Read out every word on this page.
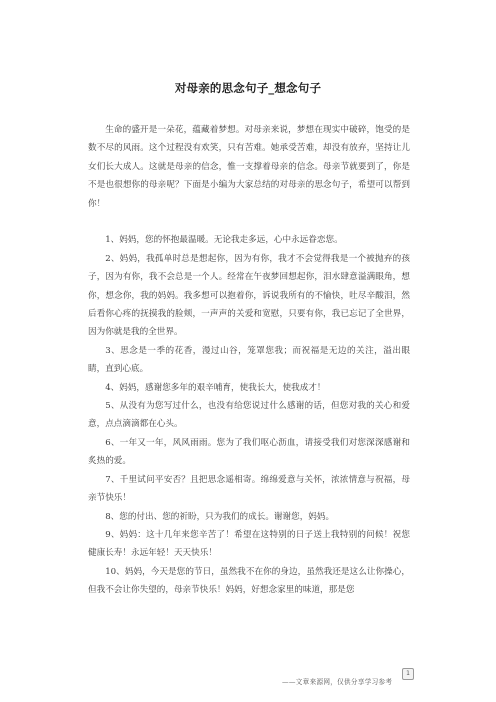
对母亲的思念句子_想念句子

生命的盛开是一朵花，蕴藏着梦想。对母亲来说，梦想在现实中破碎，饱受的是数不尽的风雨。这个过程没有欢笑，只有苦难。她承受苦难，却没有放弃，坚持让儿女们长大成人。这就是母亲的信念，惟一支撑着母亲的信念。母亲节就要到了，你是不是也很想你的母亲呢？下面是小编为大家总结的对母亲的思念句子，希望可以帮到你！

1、妈妈，您的怀抱最温暖。无论我走多远，心中永远眷恋您。

2、妈妈，我孤单时总是想起你，因为有你，我才不会觉得我是一个被抛弃的孩子，因为有你，我不会总是一个人。经常在午夜梦回想起你，泪水肆意溢满眼角，想你，想念你，我的妈妈。我多想可以抱着你，诉说我所有的不愉快，吐尽辛酸泪，然后看你心疼的抚摸我的脸颊，一声声的关爱和宽慰，只要有你，我已忘记了全世界，因为你就是我的全世界。

3、思念是一季的花香，漫过山谷，笼罩您我；而祝福是无边的关注，溢出眼睛，直到心底。

4、妈妈，感谢您多年的艰辛哺育，使我长大，使我成才！

5、从没有为您写过什么，也没有给您说过什么感谢的话，但您对我的关心和爱意，点点滴滴都在心头。

6、一年又一年，风风雨雨。您为了我们呕心沥血，请接受我们对您深深感谢和炙热的爱。

7、千里试问平安否？且把思念遥相寄。绵绵爱意与关怀，浓浓情意与祝福，母亲节快乐！

8、您的付出、您的祈盼，只为我们的成长。谢谢您，妈妈。

9、妈妈：这十几年来您辛苦了！希望在这特别的日子送上我特别的问候！祝您健康长寿！永远年轻！天天快乐！

10、妈妈，今天是您的节日，虽然我不在你的身边，虽然我还是这么让你操心，但我不会让你失望的，母亲节快乐！妈妈，好想念家里的味道，那是您

——文章来源网，仅供分享学习参考
1
